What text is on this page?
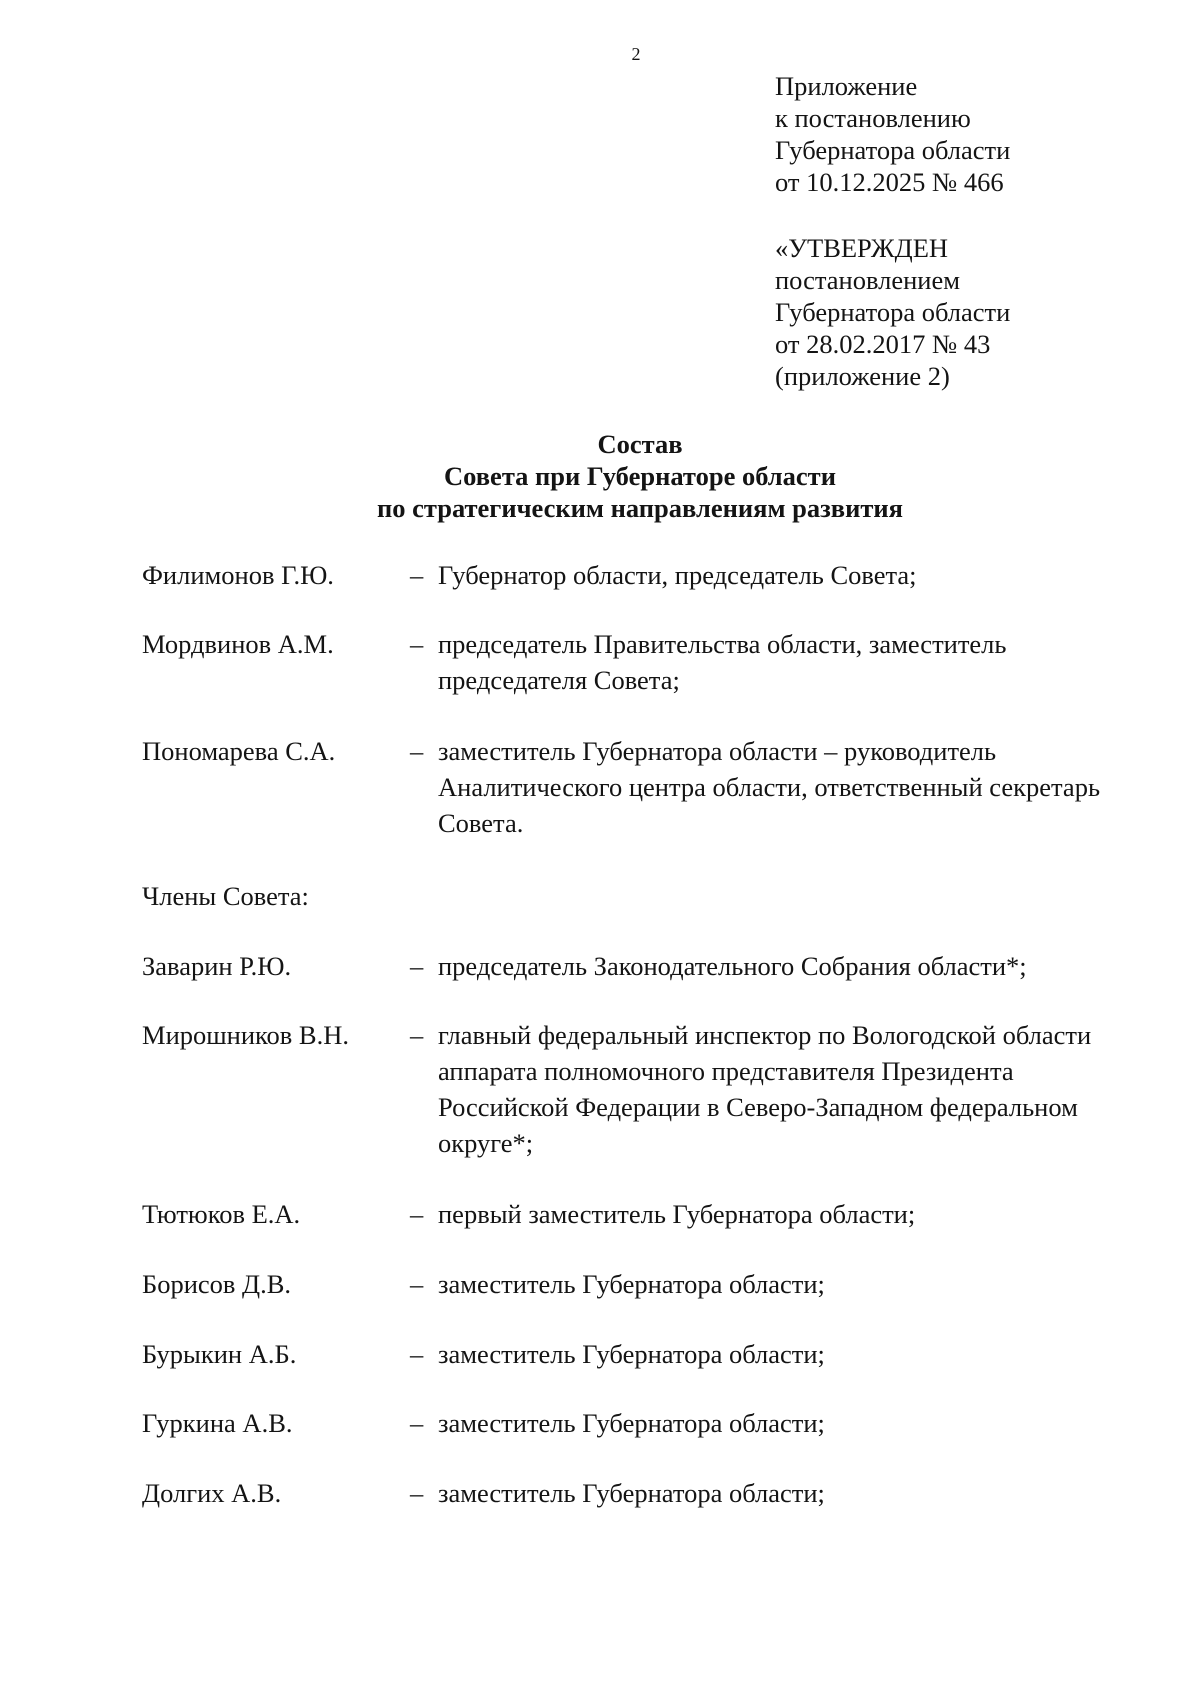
2
Приложение
к постановлению
Губернатора области
от 10.12.2025 № 466
«УТВЕРЖДЕН
постановлением
Губернатора области
от 28.02.2017 № 43
(приложение 2)
Состав
Совета при Губернаторе области
по стратегическим направлениям развития
Филимонов Г.Ю.	– Губернатор области, председатель Совета;
Мордвинов А.М.	– председатель Правительства области, заместитель председателя Совета;
Пономарева С.А.	– заместитель Губернатора области – руководитель Аналитического центра области, ответственный секретарь Совета.
Члены Совета:
Заварин Р.Ю.	– председатель Законодательного Собрания области*;
Мирошников В.Н.	– главный федеральный инспектор по Вологодской области аппарата полномочного представителя Президента Российской Федерации в Северо-Западном федеральном округе*;
Тютюков Е.А.	– первый заместитель Губернатора области;
Борисов Д.В.	– заместитель Губернатора области;
Бурыкин А.Б.	– заместитель Губернатора области;
Гуркина А.В.	– заместитель Губернатора области;
Долгих А.В.	– заместитель Губернатора области;
